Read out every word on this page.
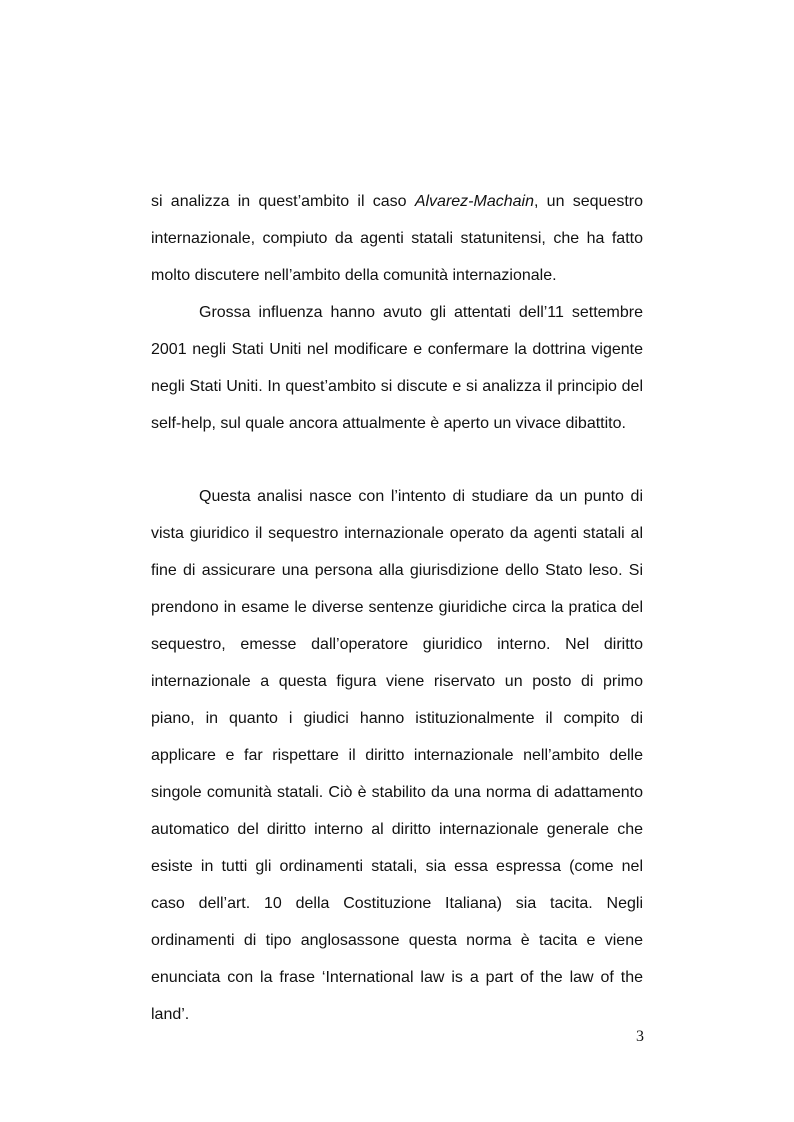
si analizza in quest’ambito il caso Alvarez-Machain, un sequestro internazionale, compiuto da agenti statali statunitensi, che ha fatto molto discutere nell’ambito della comunità internazionale.

Grossa influenza hanno avuto gli attentati dell’11 settembre 2001 negli Stati Uniti nel modificare e confermare la dottrina vigente negli Stati Uniti. In quest’ambito si discute e si analizza il principio del self-help, sul quale ancora attualmente è aperto un vivace dibattito.

Questa analisi nasce con l’intento di studiare da un punto di vista giuridico il sequestro internazionale operato da agenti statali al fine di assicurare una persona alla giurisdizione dello Stato leso. Si prendono in esame le diverse sentenze giuridiche circa la pratica del sequestro, emesse dall’operatore giuridico interno. Nel diritto internazionale a questa figura viene riservato un posto di primo piano, in quanto i giudici hanno istituzionalmente il compito di applicare e far rispettare il diritto internazionale nell’ambito delle singole comunità statali. Ciò è stabilito da una norma di adattamento automatico del diritto interno al diritto internazionale generale che esiste in tutti gli ordinamenti statali, sia essa espressa (come nel caso dell’art. 10 della Costituzione Italiana) sia tacita. Negli ordinamenti di tipo anglosassone questa norma è tacita e viene enunciata con la frase ‘International law is a part of the law of the land’.

3
